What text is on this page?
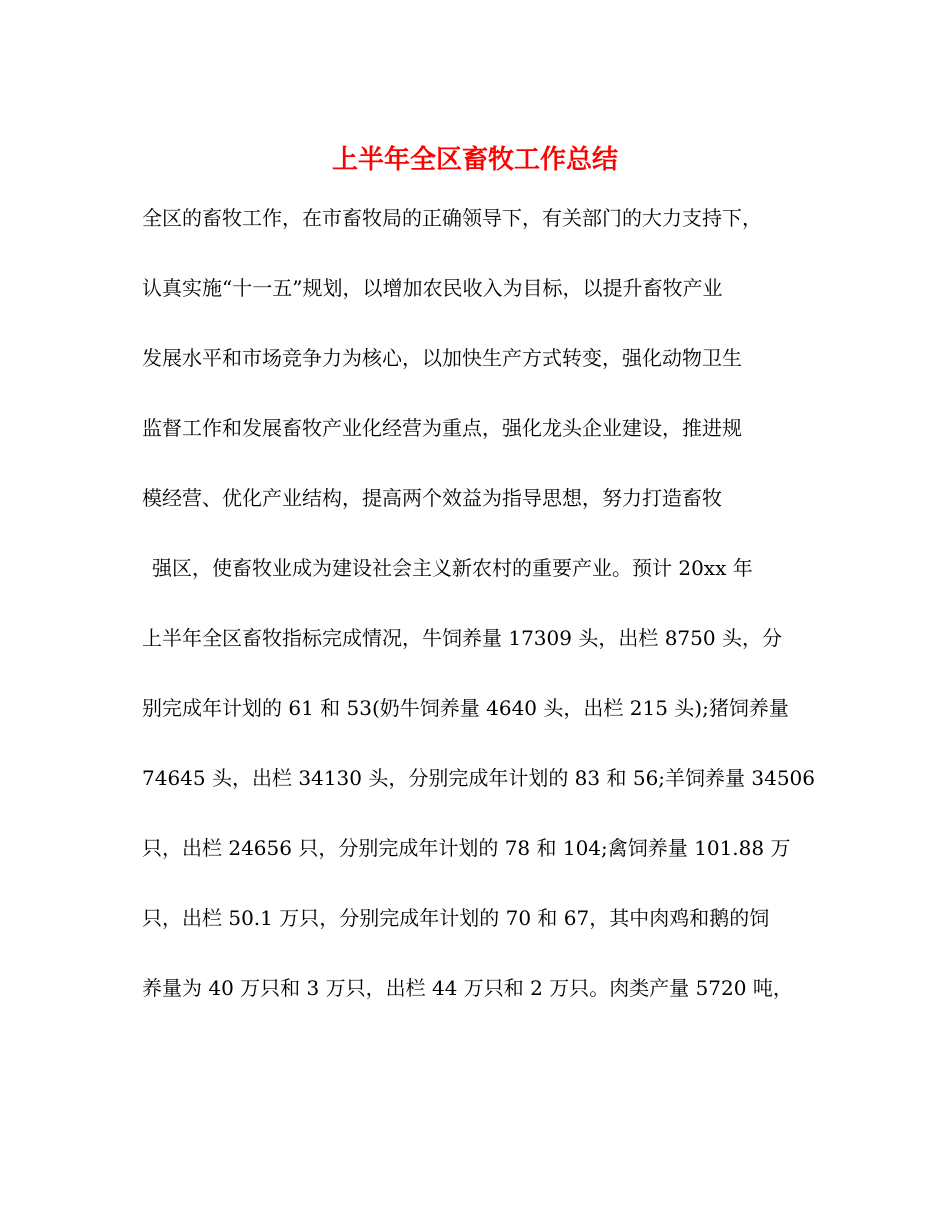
上半年全区畜牧工作总结
全区的畜牧工作，在市畜牧局的正确领导下，有关部门的大力支持下，
认真实施“十一五”规划，以增加农民收入为目标，以提升畜牧产业
发展水平和市场竞争力为核心，以加快生产方式转变，强化动物卫生
监督工作和发展畜牧产业化经营为重点，强化龙头企业建设，推进规
模经营、优化产业结构，提高两个效益为指导思想，努力打造畜牧
强区，使畜牧业成为建设社会主义新农村的重要产业。预计 20xx 年
上半年全区畜牧指标完成情况，牛饲养量 17309 头，出栏 8750 头，分
别完成年计划的 61 和 53(奶牛饲养量 4640 头，出栏 215 头);猪饲养量
74645 头，出栏 34130 头，分别完成年计划的 83 和 56;羊饲养量 34506
只，出栏 24656 只，分别完成年计划的 78 和 104;禽饲养量 101.88 万
只，出栏 50.1 万只，分别完成年计划的 70 和 67，其中肉鸡和鹅的饲
养量为 40 万只和 3 万只，出栏 44 万只和 2 万只。肉类产量 5720 吨，
